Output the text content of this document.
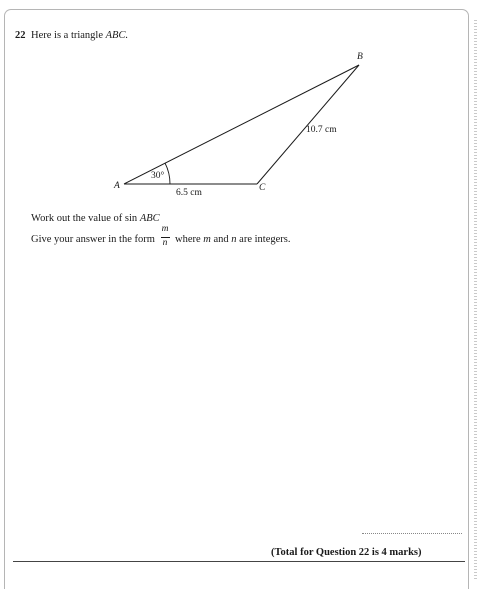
22 Here is a triangle ABC.
A
B
C
30°
6.5 cm
10.7 cm
Work out the value of sin ABC
Give your answer in the form
m
n where m and n are integers.
(Total for Question 22 is 4 marks)
